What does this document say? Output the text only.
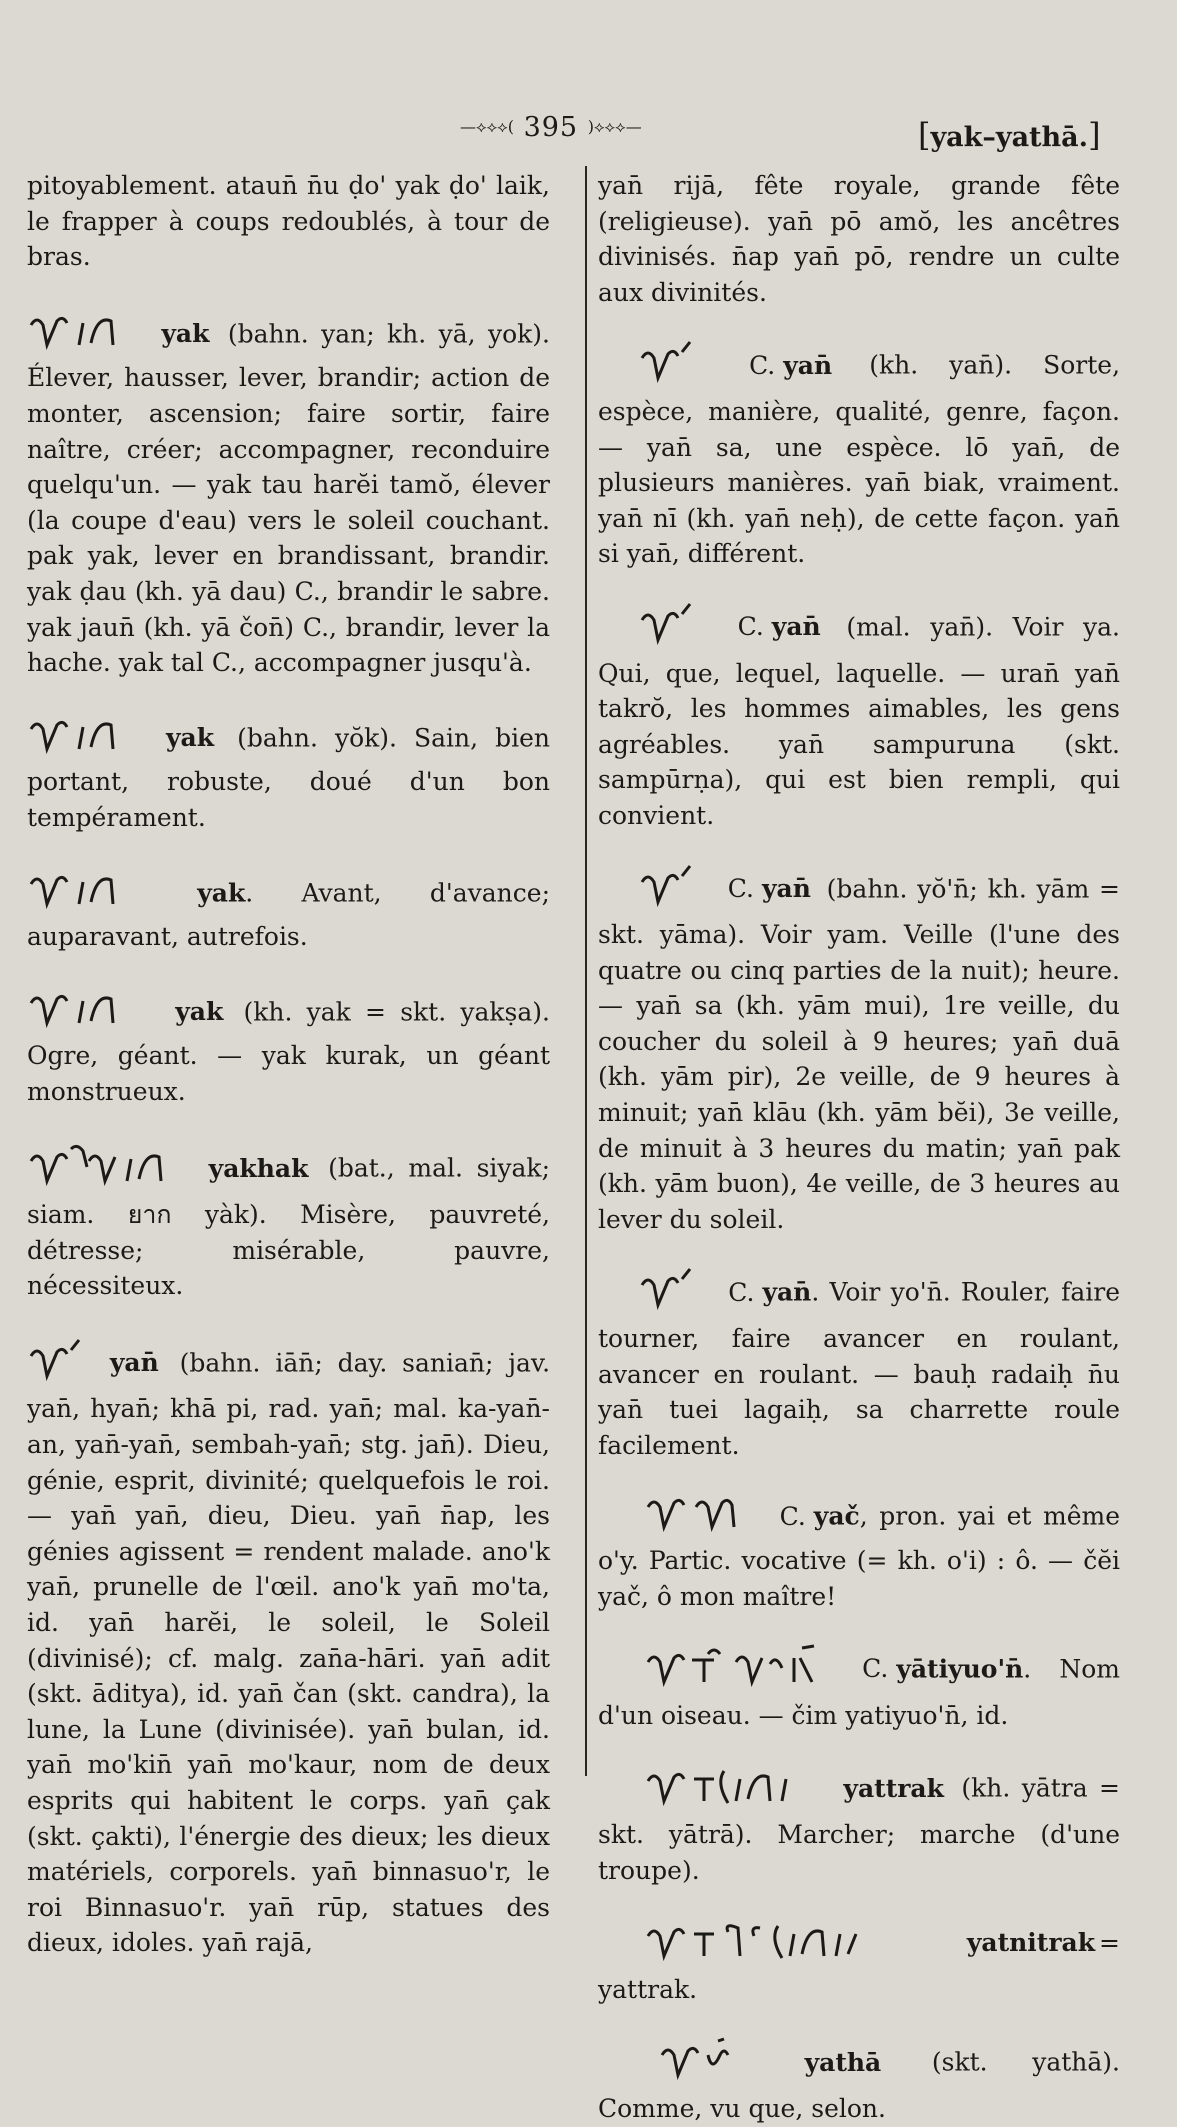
—⟡⟡⟡( 395 )⟡⟡⟡—	[yak–yathā.]

pitoyablement. ataun̄ n̄u ḍo' yak ḍo' laik, le frapper à coups redoublés, à tour de bras.

yak (bahn. yan; kh. yā, yok). Élever, hausser, lever, brandir; action de monter, ascension; faire sortir, faire naître, créer; accompagner, reconduire quelqu'un. — yak tau harĕi tamŏ, élever (la coupe d'eau) vers le soleil couchant. pak yak, lever en brandissant, brandir. yak ḍau (kh. yā dau) C., brandir le sabre. yak jaun̄ (kh. yā čon̄) C., brandir, lever la hache. yak tal C., accompagner jusqu'à.
yak (bahn. yŏk). Sain, bien portant, robuste, doué d'un bon tempérament.
yak. Avant, d'avance; auparavant, autrefois.
yak (kh. yak = skt. yakṣa). Ogre, géant. — yak kurak, un géant monstrueux.
yakhak (bat., mal. siyak; siam. ยาก yàk). Misère, pauvreté, détresse; misérable, pauvre, nécessiteux.
yan̄ (bahn. iān̄; day. sanian̄; jav. yan̄, hyan̄; khā pi, rad. yan̄; mal. ka-yan̄-an, yan̄-yan̄, sembah-yan̄; stg. jan̄). Dieu, génie, esprit, divinité; quelquefois le roi. — yan̄ yan̄, dieu, Dieu. yan̄ n̄ap, les génies agissent = rendent malade. ano'k yan̄, prunelle de l'œil. ano'k yan̄ mo'ta, id. yan̄ harĕi, le soleil, le Soleil (divinisé); cf. malg. zan̄a-hāri. yan̄ adit (skt. āditya), id. yan̄ čan (skt. candra), la lune, la Lune (divinisée). yan̄ bulan, id. yan̄ mo'kin̄ yan̄ mo'kaur, nom de deux esprits qui habitent le corps. yan̄ çak (skt. çakti), l'énergie des dieux; les dieux matériels, corporels. yan̄ binnasuo'r, le roi Binnasuo'r. yan̄ rūp, statues des dieux, idoles. yan̄ rajā,

yan̄ rijā, fête royale, grande fête (religieuse). yan̄ pō amŏ, les ancêtres divinisés. n̄ap yan̄ pō, rendre un culte aux divinités.

C. yan̄ (kh. yan̄). Sorte, espèce, manière, qualité, genre, façon. — yan̄ sa, une espèce. lō yan̄, de plusieurs manières. yan̄ biak, vraiment. yan̄ nī (kh. yan̄ neḥ), de cette façon. yan̄ si yan̄, différent.
C. yan̄ (mal. yan̄). Voir ya. Qui, que, lequel, laquelle. — uran̄ yan̄ takrŏ, les hommes aimables, les gens agréables. yan̄ sampuruna (skt. sampūrṇa), qui est bien rempli, qui convient.
C. yan̄ (bahn. yŏ'n̄; kh. yām = skt. yāma). Voir yam. Veille (l'une des quatre ou cinq parties de la nuit); heure. — yan̄ sa (kh. yām mui), 1re veille, du coucher du soleil à 9 heures; yan̄ duā (kh. yām pir), 2e veille, de 9 heures à minuit; yan̄ klāu (kh. yām bĕi), 3e veille, de minuit à 3 heures du matin; yan̄ pak (kh. yām buon), 4e veille, de 3 heures au lever du soleil.
C. yan̄. Voir yo'n̄. Rouler, faire tourner, faire avancer en roulant, avancer en roulant. — bauḥ radaiḥ n̄u yan̄ tuei lagaiḥ, sa charrette roule facilement.
C. yač, pron. yai et même o'y. Partic. vocative (= kh. o'i) : ô. — čĕi yač, ô mon maître!
C. yātiyuo'n̄. Nom d'un oiseau. — čim yatiyuo'n̄, id.
yattrak (kh. yātra = skt. yātrā). Marcher; marche (d'une troupe).
yatnitrak = yattrak.
yathā (skt. yathā). Comme, vu que, selon.
